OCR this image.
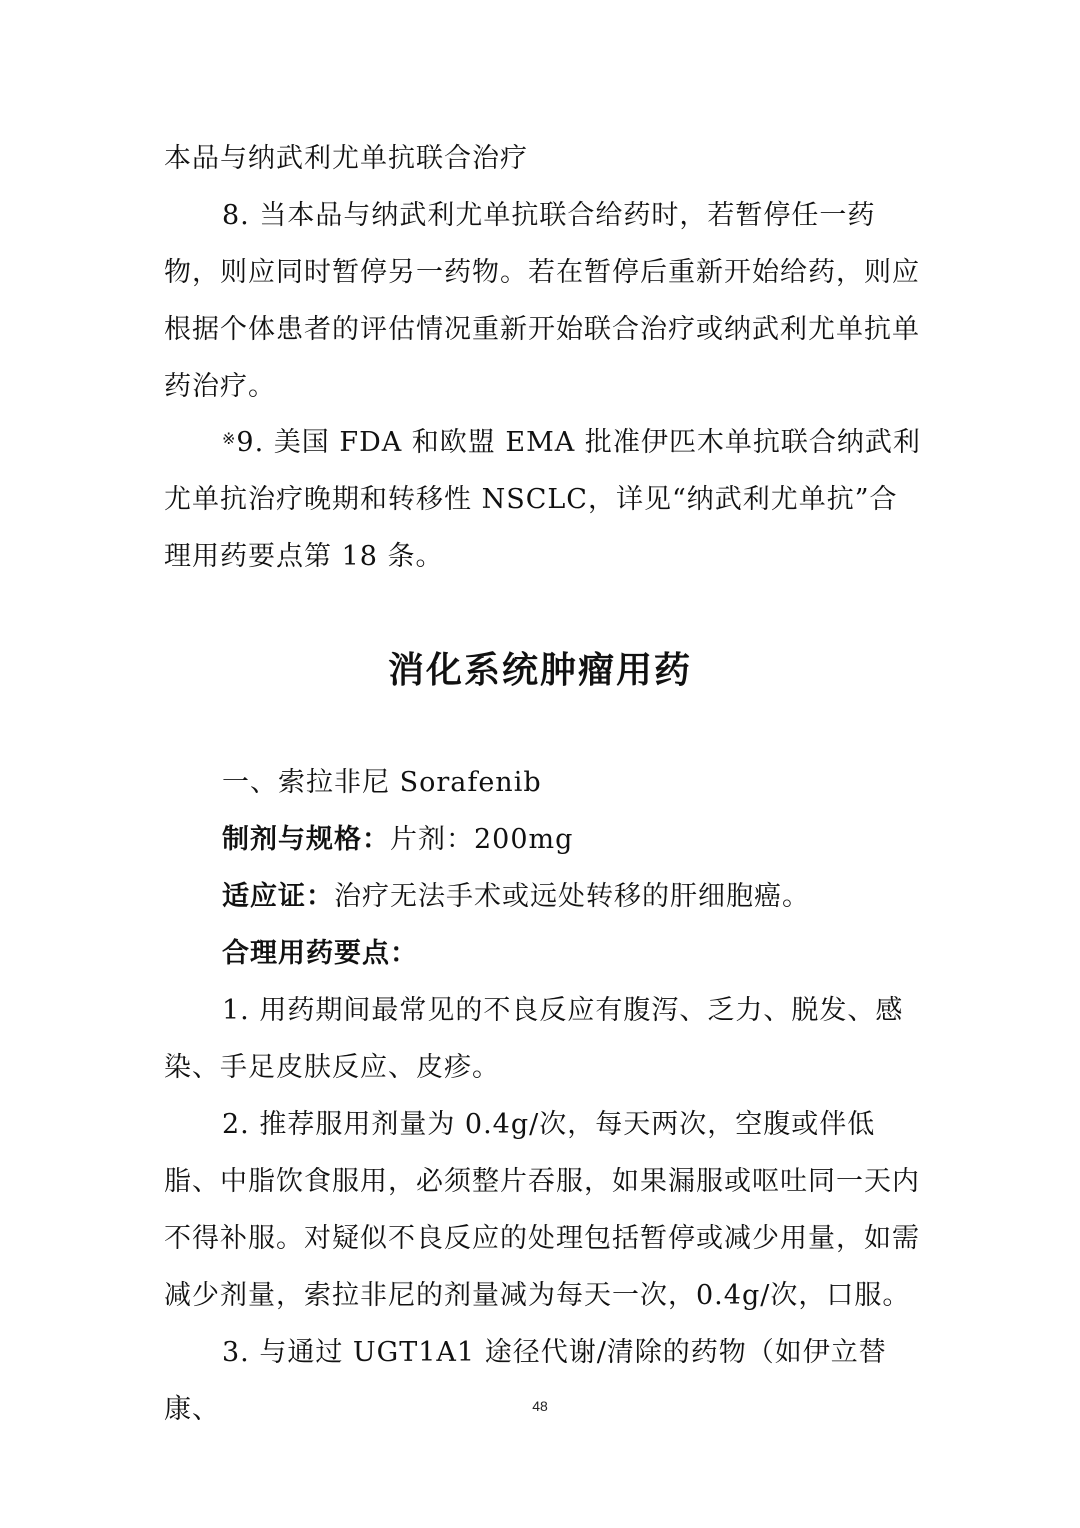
本品与纳武利尤单抗联合治疗

8. 当本品与纳武利尤单抗联合给药时，若暂停任一药物，则应同时暂停另一药物。若在暂停后重新开始给药，则应根据个体患者的评估情况重新开始联合治疗或纳武利尤单抗单药治疗。

※9. 美国 FDA 和欧盟 EMA 批准伊匹木单抗联合纳武利尤单抗治疗晚期和转移性 NSCLC，详见“纳武利尤单抗”合理用药要点第 18 条。

消化系统肿瘤用药

一、索拉非尼 Sorafenib

制剂与规格：片剂：200mg

适应证：治疗无法手术或远处转移的肝细胞癌。

合理用药要点：

1. 用药期间最常见的不良反应有腹泻、乏力、脱发、感染、手足皮肤反应、皮疹。

2. 推荐服用剂量为 0.4g/次，每天两次，空腹或伴低脂、中脂饮食服用，必须整片吞服，如果漏服或呕吐同一天内不得补服。对疑似不良反应的处理包括暂停或减少用量，如需减少剂量，索拉非尼的剂量减为每天一次，0.4g/次，口服。

3. 与通过 UGT1A1 途径代谢/清除的药物（如伊立替康、	48
